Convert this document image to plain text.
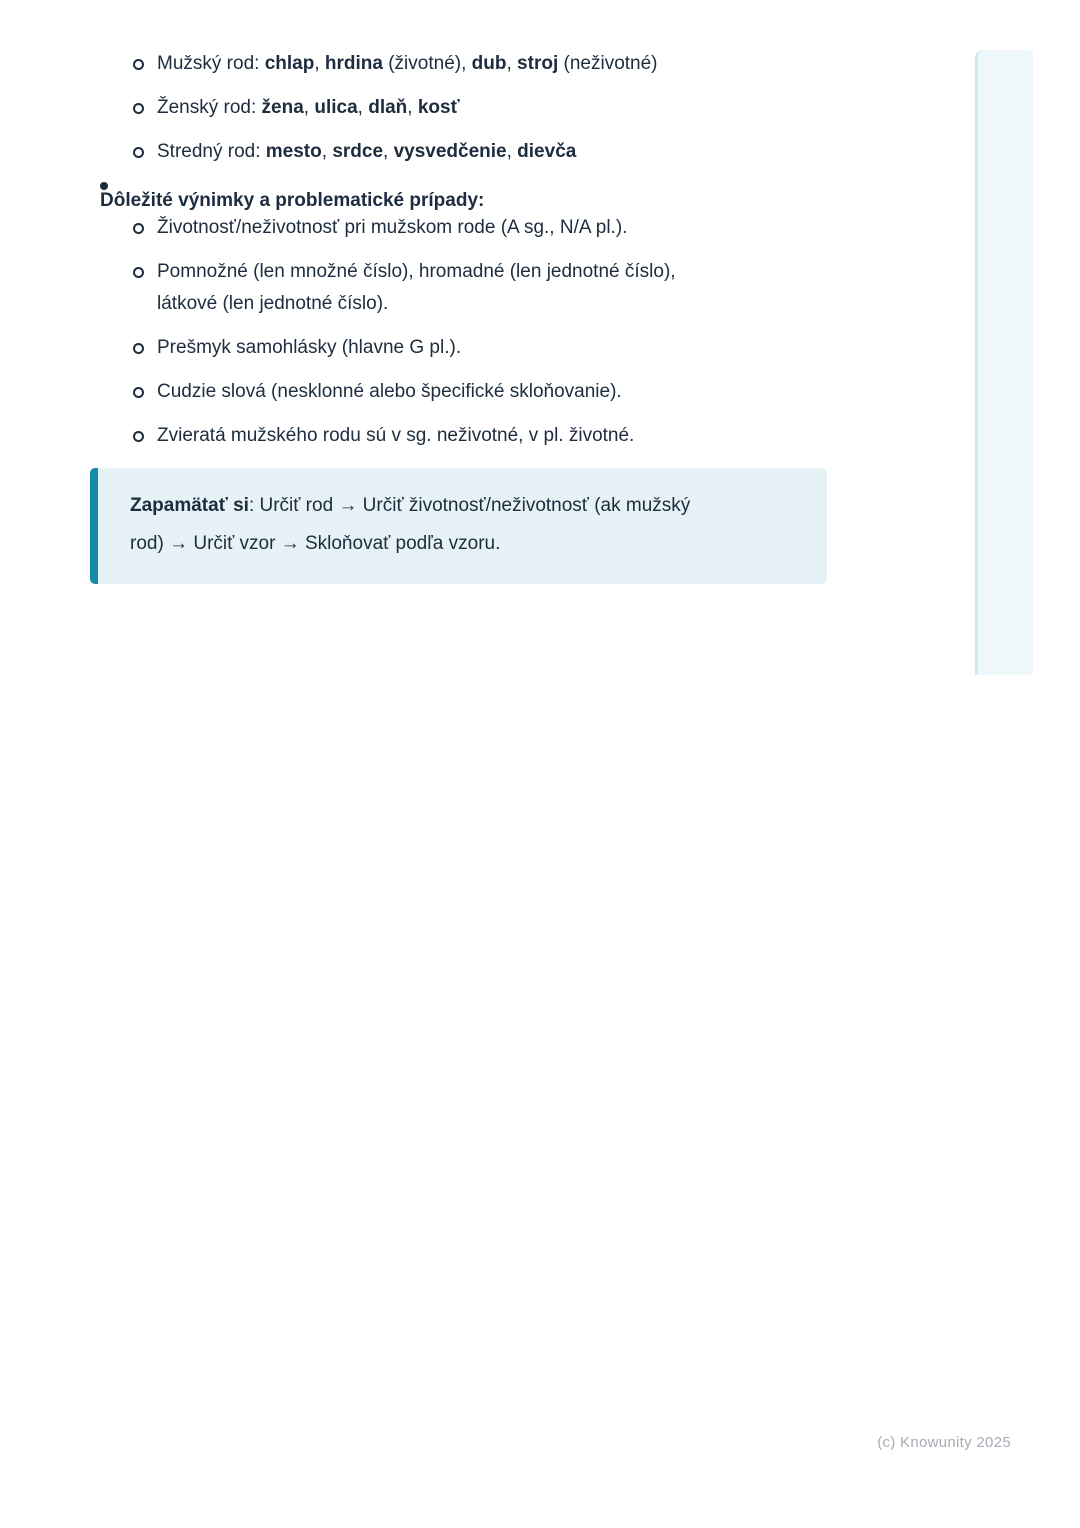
Mužský rod: chlap, hrdina (životné), dub, stroj (neživotné)
Ženský rod: žena, ulica, dlaň, kosť
Stredný rod: mesto, srdce, vysvedčenie, dievča
Dôležité výnimky a problematické prípady:
Životnosť/neživotnosť pri mužskom rode (A sg., N/A pl.).
Pomnožné (len množné číslo), hromadné (len jednotné číslo),
látkové (len jednotné číslo).
Prešmyk samohlásky (hlavne G pl.).
Cudzie slová (nesklonné alebo špecifické skloňovanie).
Zvieratá mužského rodu sú v sg. neživotné, v pl. životné.
Zapamätať si: Určiť rod → Určiť životnosť/neživotnosť (ak mužský
rod) → Určiť vzor → Skloňovať podľa vzoru.
(c) Knowunity 2025
